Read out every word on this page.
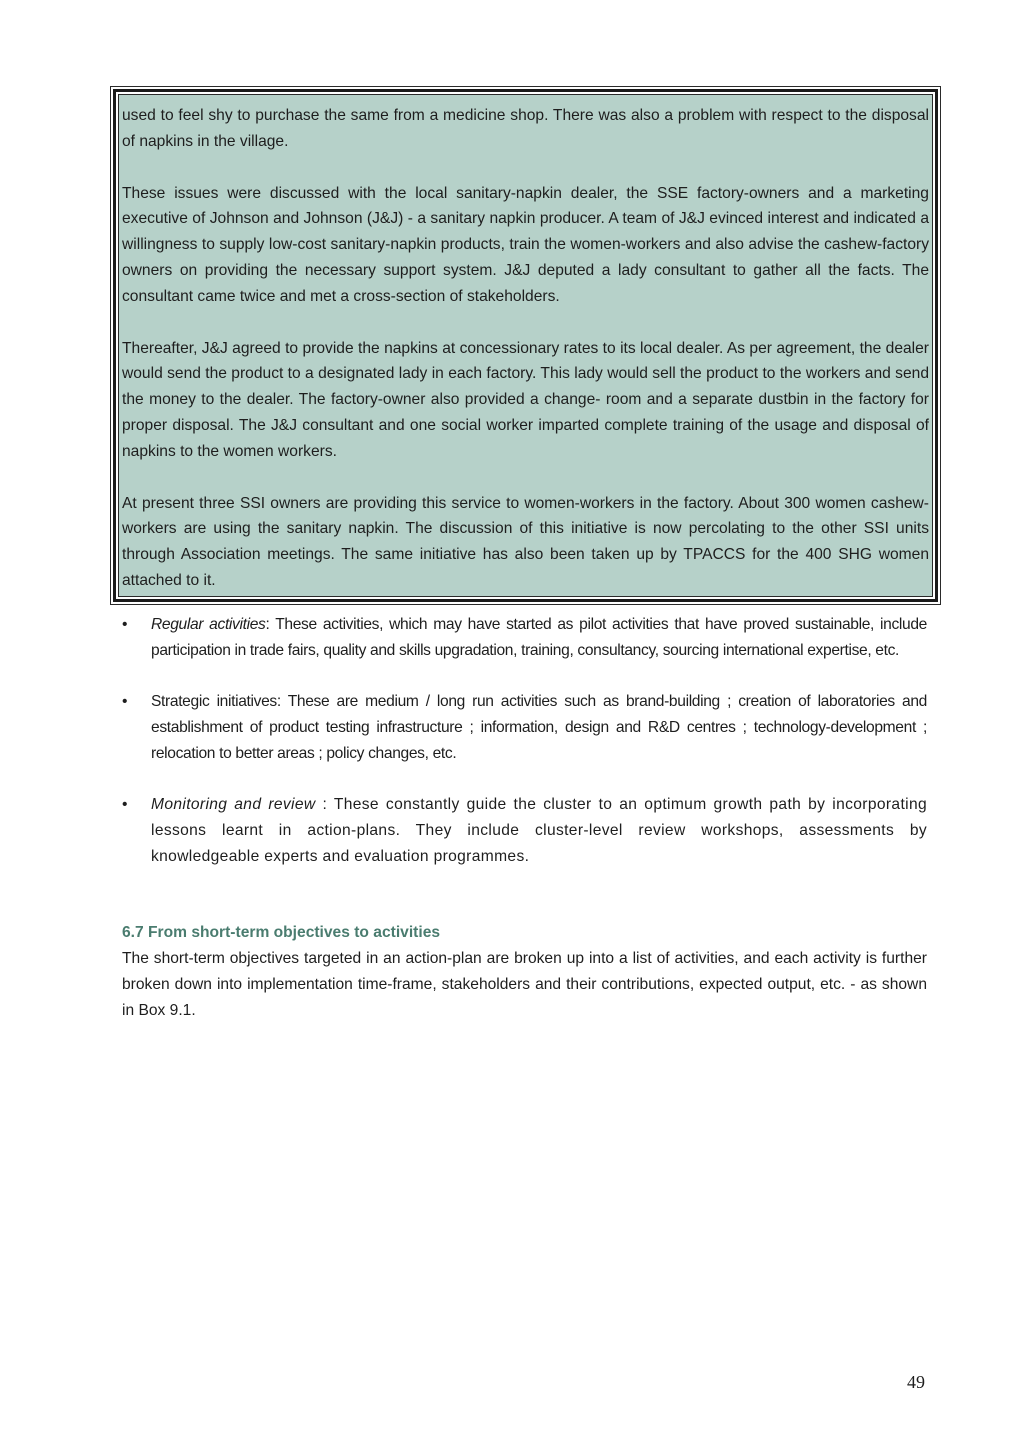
used to feel shy to purchase the same from a medicine shop. There was also a problem with respect to the disposal of napkins in the village.

These issues were discussed with the local sanitary-napkin dealer, the SSE factory-owners and a marketing executive of Johnson and Johnson (J&J) - a sanitary napkin producer. A team of J&J evinced interest and indicated a willingness to supply low-cost sanitary-napkin products, train the women-workers and also advise the cashew-factory owners on providing the necessary support system. J&J deputed a lady consultant to gather all the facts. The consultant came twice and met a cross-section of stakeholders.

Thereafter, J&J agreed to provide the napkins at concessionary rates to its local dealer. As per agreement, the dealer would send the product to a designated lady in each factory. This lady would sell the product to the workers and send the money to the dealer. The factory-owner also provided a change- room and a separate dustbin in the factory for proper disposal. The J&J consultant and one social worker imparted complete training of the usage and disposal of napkins to the women workers.

At present three SSI owners are providing this service to women-workers in the factory. About 300 women cashew-workers are using the sanitary napkin. The discussion of this initiative is now percolating to the other SSI units through Association meetings. The same initiative has also been taken up by TPACCS for the 400 SHG women attached to it.

•	Regular activities: These activities, which may have started as pilot activities that have proved sustainable, include participation in trade fairs, quality and skills upgradation, training, consultancy, sourcing international expertise, etc.
•	Strategic initiatives: These are medium / long run activities such as brand-building ; creation of laboratories and establishment of product testing infrastructure ; information, design and R&D centres ; technology-development ; relocation to better areas ; policy changes, etc.
• Monitoring and review : These constantly guide the cluster to an optimum growth path by incorporating lessons learnt in action-plans. They include cluster-level review workshops, assessments by knowledgeable experts and evaluation programmes.
6.7 From short-term objectives to activities

The short-term objectives targeted in an action-plan are broken up into a list of activities, and each activity is further broken down into implementation time-frame, stakeholders and their contributions, expected output, etc. - as shown in Box 9.1.

49
